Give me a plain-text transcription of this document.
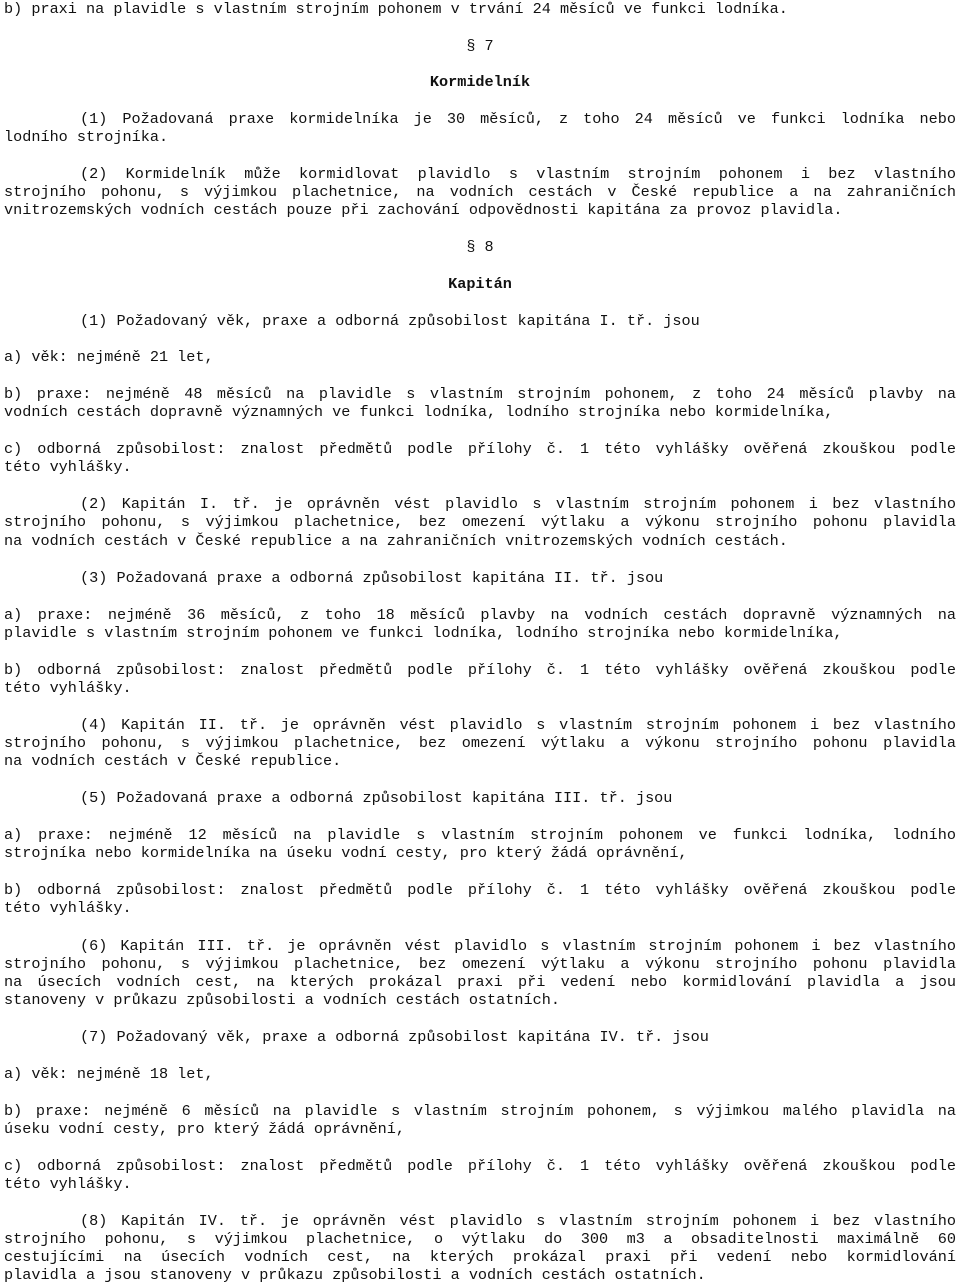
b) praxi na plavidle s vlastním strojním pohonem v trvání 24 měsíců ve funkci lodníka.
§ 7
Kormidelník
(1) Požadovaná praxe kormidelníka je 30 měsíců, z toho 24 měsíců ve funkci lodníka nebo
lodního strojníka.
(2) Kormidelník může kormidlovat plavidlo s vlastním strojním pohonem i bez vlastního
strojního pohonu, s výjimkou plachetnice, na vodních cestách v České republice a na zahraničních
vnitrozemských vodních cestách pouze při zachování odpovědnosti kapitána za provoz plavidla.
§ 8
Kapitán
(1) Požadovaný věk, praxe a odborná způsobilost kapitána I. tř. jsou
a) věk: nejméně 21 let,
b) praxe: nejméně 48 měsíců na plavidle s vlastním strojním pohonem, z toho 24 měsíců plavby na
vodních cestách dopravně významných ve funkci lodníka, lodního strojníka nebo kormidelníka,
c) odborná způsobilost: znalost předmětů podle přílohy č. 1 této vyhlášky ověřená zkouškou podle
této vyhlášky.
(2) Kapitán I. tř. je oprávněn vést plavidlo s vlastním strojním pohonem i bez vlastního
strojního pohonu, s výjimkou plachetnice, bez omezení výtlaku a výkonu strojního pohonu plavidla
na vodních cestách v České republice a na zahraničních vnitrozemských vodních cestách.
(3) Požadovaná praxe a odborná způsobilost kapitána II. tř. jsou
a) praxe: nejméně 36 měsíců, z toho 18 měsíců plavby na vodních cestách dopravně významných na
plavidle s vlastním strojním pohonem ve funkci lodníka, lodního strojníka nebo kormidelníka,
b) odborná způsobilost: znalost předmětů podle přílohy č. 1 této vyhlášky ověřená zkouškou podle
této vyhlášky.
(4) Kapitán II. tř. je oprávněn vést plavidlo s vlastním strojním pohonem i bez vlastního
strojního pohonu, s výjimkou plachetnice, bez omezení výtlaku a výkonu strojního pohonu plavidla
na vodních cestách v České republice.
(5) Požadovaná praxe a odborná způsobilost kapitána III. tř. jsou
a) praxe: nejméně 12 měsíců na plavidle s vlastním strojním pohonem ve funkci lodníka, lodního
strojníka nebo kormidelníka na úseku vodní cesty, pro který žádá oprávnění,
b) odborná způsobilost: znalost předmětů podle přílohy č. 1 této vyhlášky ověřená zkouškou podle
této vyhlášky.
(6) Kapitán III. tř. je oprávněn vést plavidlo s vlastním strojním pohonem i bez vlastního
strojního pohonu, s výjimkou plachetnice, bez omezení výtlaku a výkonu strojního pohonu plavidla
na úsecích vodních cest, na kterých prokázal praxi při vedení nebo kormidlování plavidla a jsou
stanoveny v průkazu způsobilosti a vodních cestách ostatních.
(7) Požadovaný věk, praxe a odborná způsobilost kapitána IV. tř. jsou
a) věk: nejméně 18 let,
b) praxe: nejméně 6 měsíců na plavidle s vlastním strojním pohonem, s výjimkou malého plavidla na
úseku vodní cesty, pro který žádá oprávnění,
c) odborná způsobilost: znalost předmětů podle přílohy č. 1 této vyhlášky ověřená zkouškou podle
této vyhlášky.
(8) Kapitán IV. tř. je oprávněn vést plavidlo s vlastním strojním pohonem i bez vlastního
strojního pohonu, s výjimkou plachetnice, o výtlaku do 300 m3 a obsaditelnosti maximálně 60
cestujícími na úsecích vodních cest, na kterých prokázal praxi při vedení nebo kormidlování
plavidla a jsou stanoveny v průkazu způsobilosti a vodních cestách ostatních.
